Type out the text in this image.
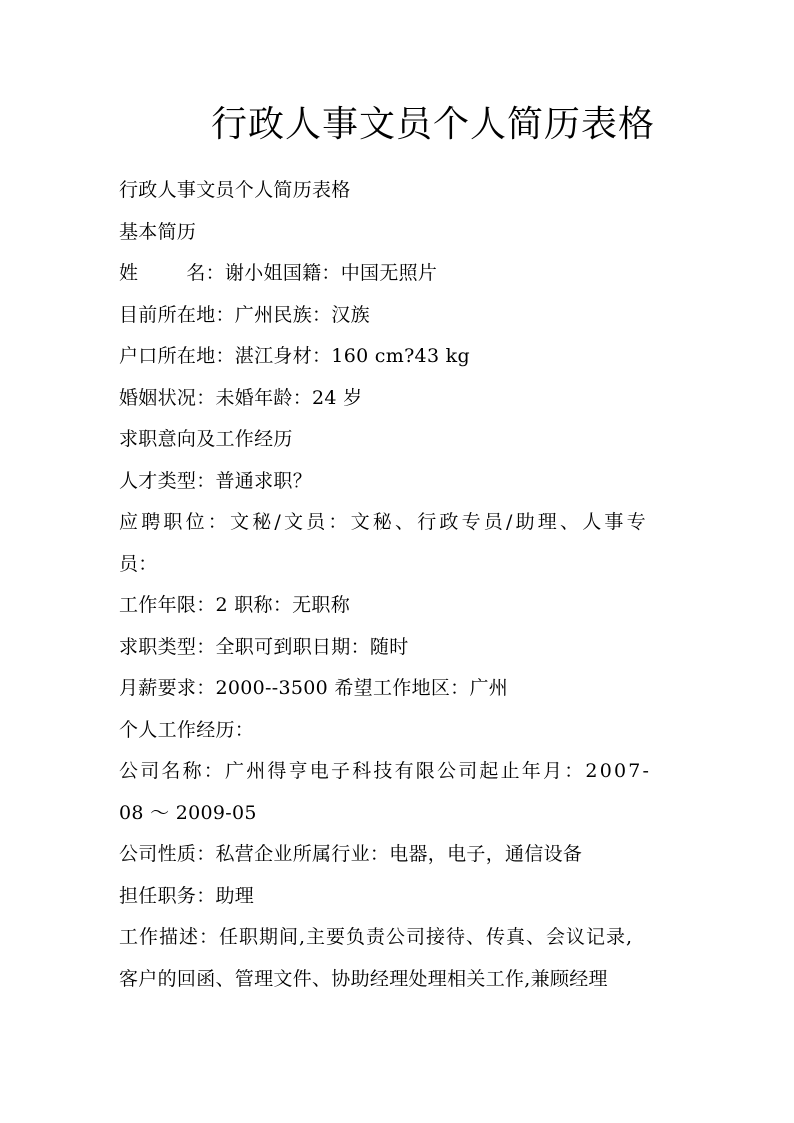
行政人事文员个人简历表格
行政人事文员个人简历表格
基本简历
姓	名：谢小姐国籍：中国无照片
目前所在地：广州民族：汉族
户口所在地：湛江身材：160 cm?43 kg
婚姻状况：未婚年龄：24 岁
求职意向及工作经历
人才类型：普通求职？
应聘职位：文秘/文员：文秘、行政专员/助理、人事专
员：
工作年限：2 职称：无职称
求职类型：全职可到职日期：随时
月薪要求：2000--3500 希望工作地区：广州
个人工作经历：
公司名称：广州得亨电子科技有限公司起止年月：2007-
08 ～ 2009-05
公司性质：私营企业所属行业：电器，电子，通信设备
担任职务：助理
工作描述：任职期间,主要负责公司接待、传真、会议记录,
客户的回函、管理文件、协助经理处理相关工作,兼顾经理
